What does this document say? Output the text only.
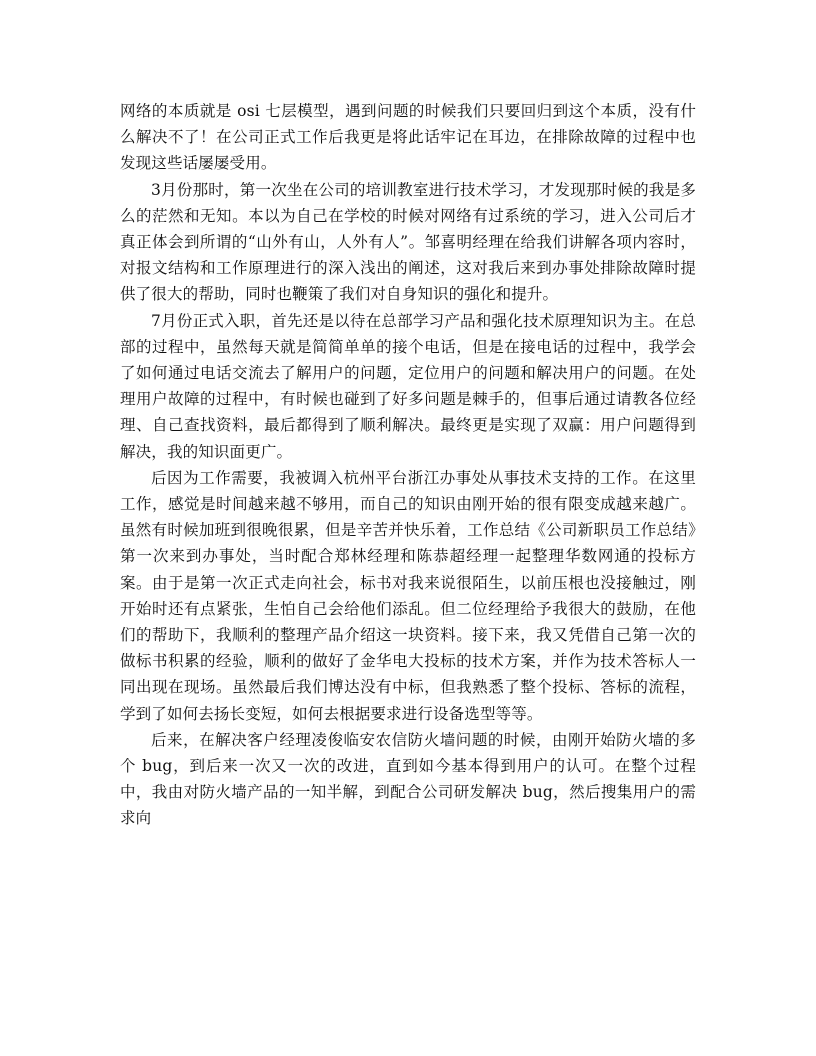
网络的本质就是 osi 七层模型，遇到问题的时候我们只要回归到这个本质，没有什么解决不了！在公司正式工作后我更是将此话牢记在耳边，在排除故障的过程中也发现这些话屡屡受用。

3月份那时，第一次坐在公司的培训教室进行技术学习，才发现那时候的我是多么的茫然和无知。本以为自己在学校的时候对网络有过系统的学习，进入公司后才真正体会到所谓的“山外有山，人外有人”。邹喜明经理在给我们讲解各项内容时，对报文结构和工作原理进行的深入浅出的阐述，这对我后来到办事处排除故障时提供了很大的帮助，同时也鞭策了我们对自身知识的强化和提升。

7月份正式入职，首先还是以待在总部学习产品和强化技术原理知识为主。在总部的过程中，虽然每天就是简简单单的接个电话，但是在接电话的过程中，我学会了如何通过电话交流去了解用户的问题，定位用户的问题和解决用户的问题。在处理用户故障的过程中，有时候也碰到了好多问题是棘手的，但事后通过请教各位经理、自己查找资料，最后都得到了顺利解决。最终更是实现了双赢：用户问题得到解决，我的知识面更广。

后因为工作需要，我被调入杭州平台浙江办事处从事技术支持的工作。在这里工作，感觉是时间越来越不够用，而自己的知识由刚开始的很有限变成越来越广。虽然有时候加班到很晚很累，但是辛苦并快乐着，工作总结《公司新职员工作总结》第一次来到办事处，当时配合郑林经理和陈恭超经理一起整理华数网通的投标方案。由于是第一次正式走向社会，标书对我来说很陌生，以前压根也没接触过，刚开始时还有点紧张，生怕自己会给他们添乱。但二位经理给予我很大的鼓励，在他们的帮助下，我顺利的整理产品介绍这一块资料。接下来，我又凭借自己第一次的做标书积累的经验，顺利的做好了金华电大投标的技术方案，并作为技术答标人一同出现在现场。虽然最后我们博达没有中标，但我熟悉了整个投标、答标的流程，学到了如何去扬长变短，如何去根据要求进行设备选型等等。

后来，在解决客户经理凌俊临安农信防火墙问题的时候，由刚开始防火墙的多个 bug，到后来一次又一次的改进，直到如今基本得到用户的认可。在整个过程中，我由对防火墙产品的一知半解，到配合公司研发解决 bug，然后搜集用户的需求向
